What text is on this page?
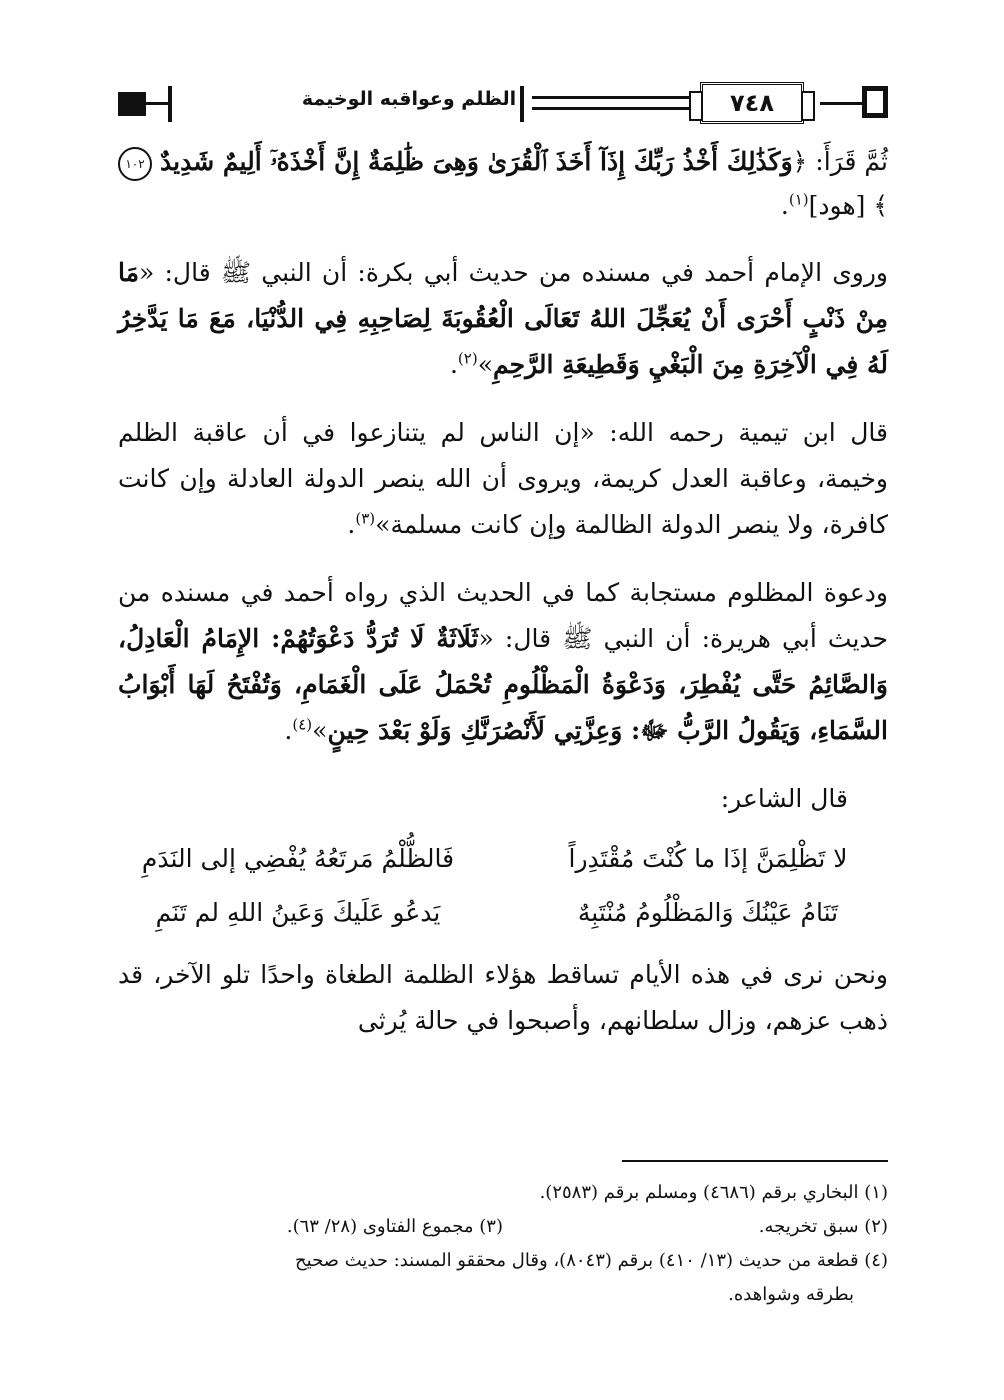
الظلم وعواقبه الوخيمة	٧٤٨

ثُمَّ قَرَأَ: ﴿وَكَذَٰلِكَ أَخْذُ رَبِّكَ إِذَآ أَخَذَ ٱلْقُرَىٰ وَهِىَ ظَٰلِمَةٌ إِنَّ أَخْذَهُۥٓ أَلِيمٌ شَدِيدٌ ١٠٢ ﴾ [هود]$^{(١)}$.

وروى الإمام أحمد في مسنده من حديث أبي بكرة: أن النبي ﷺ قال: «مَا مِنْ ذَنْبٍ أَحْرَى أَنْ يُعَجِّلَ اللهُ تَعَالَى الْعُقُوبَةَ لِصَاحِبِهِ فِي الدُّنْيَا، مَعَ مَا يَدَّخِرُ لَهُ فِي الْآخِرَةِ مِنَ الْبَغْيِ وَقَطِيعَةِ الرَّحِمِ»$^{(٢)}$.

قال ابن تيمية رحمه الله: «إن الناس لم يتنازعوا في أن عاقبة الظلم وخيمة، وعاقبة العدل كريمة، ويروى أن الله ينصر الدولة العادلة وإن كانت كافرة، ولا ينصر الدولة الظالمة وإن كانت مسلمة»$^{(٣)}$.

ودعوة المظلوم مستجابة كما في الحديث الذي رواه أحمد في مسنده من حديث أبي هريرة: أن النبي ﷺ قال: «ثَلَاثَةٌ لَا تُرَدُّ دَعْوَتُهُمْ: الإِمَامُ الْعَادِلُ، وَالصَّائِمُ حَتَّى يُفْطِرَ، وَدَعْوَةُ الْمَظْلُومِ تُحْمَلُ عَلَى الْغَمَامِ، وَتُفْتَحُ لَهَا أَبْوَابُ السَّمَاءِ، وَيَقُولُ الرَّبُّ ﷻ: وَعِزَّتِي لَأَنْصُرَنَّكِ وَلَوْ بَعْدَ حِينٍ»$^{(٤)}$.

قال الشاعر:
لا تَظْلِمَنَّ إذَا ما كُنْتَ مُقْتَدِراً
فَالظُّلْمُ مَرتَعُهُ يُفْضِي إلى النَدَمِ
تَنَامُ عَيْنُكَ وَالمَظْلُومُ مُنْتَبِهٌ
يَدعُو عَلَيكَ وَعَينُ اللهِ لم تَنَمِ

ونحن نرى في هذه الأيام تساقط هؤلاء الظلمة الطغاة واحدًا تلو الآخر، قد ذهب عزهم، وزال سلطانهم، وأصبحوا في حالة يُرثى

(١) البخاري برقم (٤٦٨٦) ومسلم برقم (٢٥٨٣).
(٢) سبق تخريجه.
(٣) مجموع الفتاوى (٢٨/ ٦٣).
(٤) قطعة من حديث (١٣/ ٤١٠) برقم (٨٠٤٣)، وقال محققو المسند: حديث صحيح
بطرقه وشواهده.
